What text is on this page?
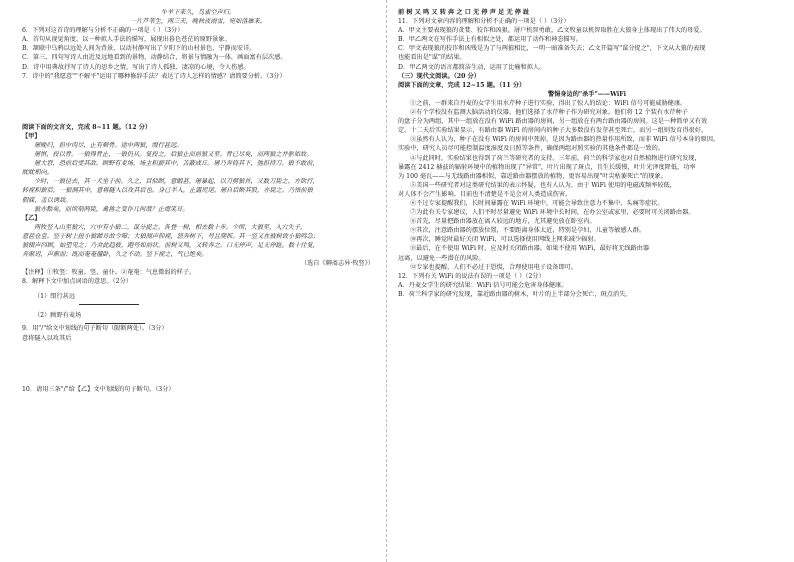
牛羊下来久，鸟雀空声归。
一片芦苇生，两三天，晚秋夜雨雪，宛如落雁来。
6．下列对这首诗的理解与分析不正确的一项是（ ）（3分）
A．首句从视觉角度，以一种拟人手法的描写，展现出暮色苍茫的原野景象。
B．颔联中乌鸦以远处人间为背景，以动衬静写出了夕阳下的山村景色，宁静而安详。
C．第三、四句写诗人由近及远地看到的景物，动静结合，将景与情融为一体，画面富有层次感。
D．诗中用典故抒写了诗人的思乡之情，写出了诗人孤独、凄凉的心境，令人伤感。
7．诗中的"我愿意""不解平"运用了哪种修辞手法？表达了诗人怎样的情感？请简要分析。（3分）
阅读下面的文言文，完成 8~11 题。（12 分）
【甲】
屠晚归，担中肉尽，止有剩骨。途中两狼，缀行甚远。
屠惧，投以骨。一狼得骨止，一狼仍从。复投之，后狼止而前狼又至。骨已尽矣，而两狼之并驱如故。
屠大窘，恐前后受其敌。顾野有麦场，场主积薪其中，苫蔽成丘。屠乃奔倚其下，弛担持刀。狼不敢前，
眈眈相向。
少时，一狼径去，其一犬坐于前。久之，目似瞑，意暇甚。屠暴起，以刀劈狼首，又数刀毙之。方欲行，
转视积薪后，一狼洞其中，意将隧入以攻其后也。身已半入，止露尻尾。屠自后断其股，亦毙之。乃悟前狼
假寐，盖以诱敌。
狼亦黠矣，而顷刻两毙，禽兽之变诈几何哉？止增笑耳。
【乙】
两牧竖入山至狼穴，穴中有小狼二。谋分捉之。各登一树，相去数十步。少顷，大狼至，入穴失子，
意甚仓皇。竖于树上扭小狼蹄耳故令嗥；大狼闻声仰视，怒奔树下，号且爬抓。其一竖又在彼树致小狼鸣急；
狼辍声四顾，始望见之；乃舍此趋彼，跑号如前状。前树又鸣，又转奔之。口无停声，足无停趾，数十往复，
奔渐迟，声渐弱；既而奄奄僵卧，久之不动。竖下视之，气已绝矣。
（选自《聊斋志异·牧竖》）
【注释】①牧竖：牧童。竖，童仆。②奄奄：气息微弱的样子。
8．解释下文中加点词语的意思。（2分）
（1）缀行甚远
（2）顾野有麦场
9．用"/"给文中划线的句子断句（限断两处）。（3分）
意将隧入以攻其后
10．请用三条"/"给【乙】文中划线的句子断句。（3分）
前 树 又 鸣 又 转 奔 之 口 无 停 声 足 无 停 趾
11．下列对文章内容的理解和分析不正确的一项是（ ）（3分）
A．甲文主要表现狼的贪婪、狡诈和凶狠。屠户机智勇敢，乙文牧童以机智取胜在大狼身上体现出了伟大的母爱。
B．甲乙两文在写作手法上有相似之处，都运用了动作和神态描写。
C．甲文表现狼的狡诈和凶残是为了与两狼相比，一明一暗准备失去；乙文开篇写"谋分捉之"，下文从大狼的表现
也能看出是"谋"的结果。
D．甲乙两文的语言都简洁生动，运用了比喻和拟人。
（三）现代文阅读。（20 分）
阅读下面的文章，完成 12~15 题。（11 分）
警惕身边的"杀手"——WiFi
①之前，一群来自丹麦的女学生用水芹种子进行实验，得出了惊人的结论：WiFi 信号可能威胁健康。
②有个学校没有监测大脑活动的仪器，他们选择了水芹种子作为研究对象。他们将 12 个装有水芹种子
的盘子分为两组，其中一组放在没有 WiFi 路由器的房间，另一组放在有两台路由器的房间。这是一种简单又有效
定。十二天后实验结果显示，有路由器 WiFi 的房间内的种子大多数没有发芽甚至死亡，而另一组则发育得很好。
③虽然有人认为，种子在没有 WiFi 的房间中死掉，是因为路由器的热量作用所致，而非 WiFi 信号本身的原因。
实验中，研究人员尽可能控制温度湿度及日照等条件，确保两组对照实验的其他条件都是一致的。
④与此同时，实验结果也得到了荷兰等研究者的支持。三年前，荷兰的科学家也对自然植物进行研究发现，
暴露在 2412 赫兹的辐射环境中的植物出现了"异常"，叶片出现了斑点，且生长缓慢，叶片光泽度降低，功率
为 100 毫瓦——与无线路由器相似，靠近路由器摆放的植物，更容易出现"叶尖枯萎死亡"的现象。
⑤美国一些研究者对这类研究结果的表示怀疑，也有人认为，由于 WiFi 使用的电磁波频率较低，
对人体不会产生影响。目前也不清楚是不是会对人类造成伤害。
⑥不过专家提醒我们，长时间暴露在 WiFi 环境中，可能会导致注意力不集中、头痛等症状。
⑦为此有关专家建议，人们平时尽量避免 WiFi 环境中长时间，在办公室或家里，必要时可关闭路由器。
⑧首先，尽量把路由器放在离人较远的地方，尤其避免放在卧室内。
⑨其次，注意路由器的摆放位置，不要距离身体太近，特别是孕妇、儿童等敏感人群。
⑩再次，睡觉时最好关闭 WiFi，可以选择使用网线上网来减少辐射。
⑪最后，在不使用 WiFi 时，应及时关闭路由器。如果不使用 WiFi，最好将无线路由器
远离，以避免一些潜在的风险。
⑫专家也提醒，人们不必过于恐慌，合理使用电子设备即可。
12．下列有关 WiFi 的说法有误的一项是（ ）（2分）
A．丹麦女学生的研究结果：WiFi 信号可能会危害身体健康。
B．荷兰科学家的研究发现，靠近路由器的树木，叶片的上半部分会死亡，斑点消失。
